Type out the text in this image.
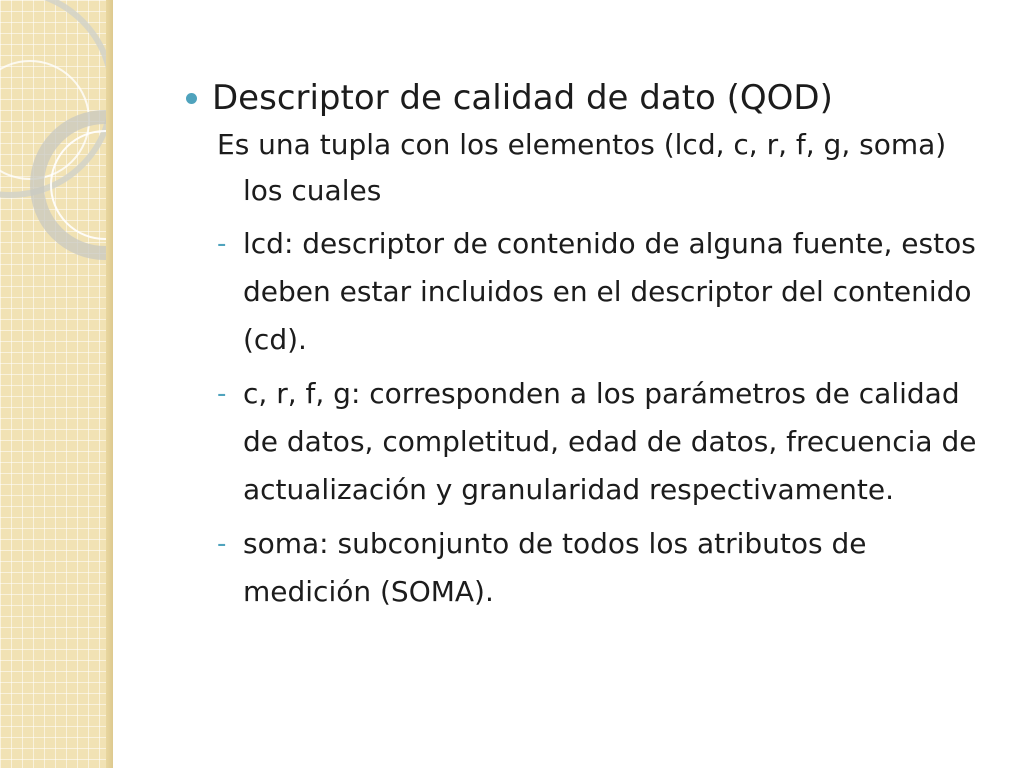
Descriptor de calidad de dato (QOD)
Es una tupla con los elementos (lcd, c, r, f, g, soma) los cuales
- lcd: descriptor de contenido de alguna fuente, estos deben estar incluidos en el descriptor del contenido (cd).
- c, r, f, g: corresponden a los parámetros de calidad de datos, completitud, edad de datos, frecuencia de actualización y granularidad respectivamente.
- soma: subconjunto de todos los atributos de medición (SOMA).
